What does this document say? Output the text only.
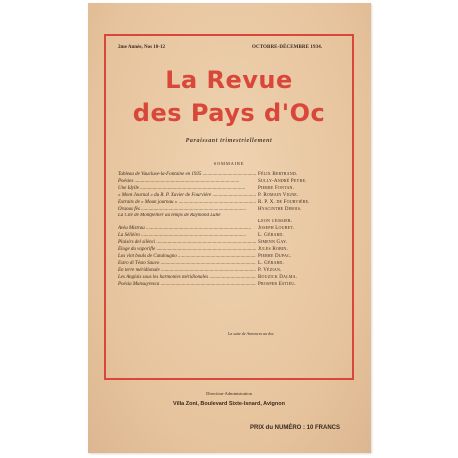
2me Année, Nos 10-12	OCTOBRE-DÉCEMBRE 1934.
La Revue
des Pays d'Oc
Paraissant trimestriellement
SOMMAIRE
Tableau de Vaucluse-la-Fontaine en 1935 .....	Félix Bertrand.
Poésies .....	Sully-André Peyre.
Une Idylle .....	Pierre Fontan.
« Mont Journal » du R. P. Xavier de Fourvière .....	P. Romain Vigne.
Extraits de « Moun journau » .....	R. P. X. de Fourvière.
Oraous fès .....	Hyacinthe Dibois.
La Cité de Montpellier au temps de Raymond Lulle
Léon Teissier.
Avèu Mistrau .....	Joseph Loubet.
La Sèlièiro .....	L. Gérard.
Plaisirs del silènci .....	Simenn Gay.
Éloge du vaporifle .....	Jules Robin.
Los vint bouls de Catalougno .....	Pierre Dupac.
Estro di Tèsto Sauvo .....	L. Gérard.
En terre méridionale .....	P. Vézian.
Les Anglais sous les harmonies méridionales .....	Bouzick Dalma.
Poésia Mansuyresca .....	Prosper Estieu.
La suite de Annonces au dos
Direction-Administration
Villa Zoni, Boulevard Sixte-Isnard, Avignon
PRIX du NUMÉRO : 10 FRANCS
